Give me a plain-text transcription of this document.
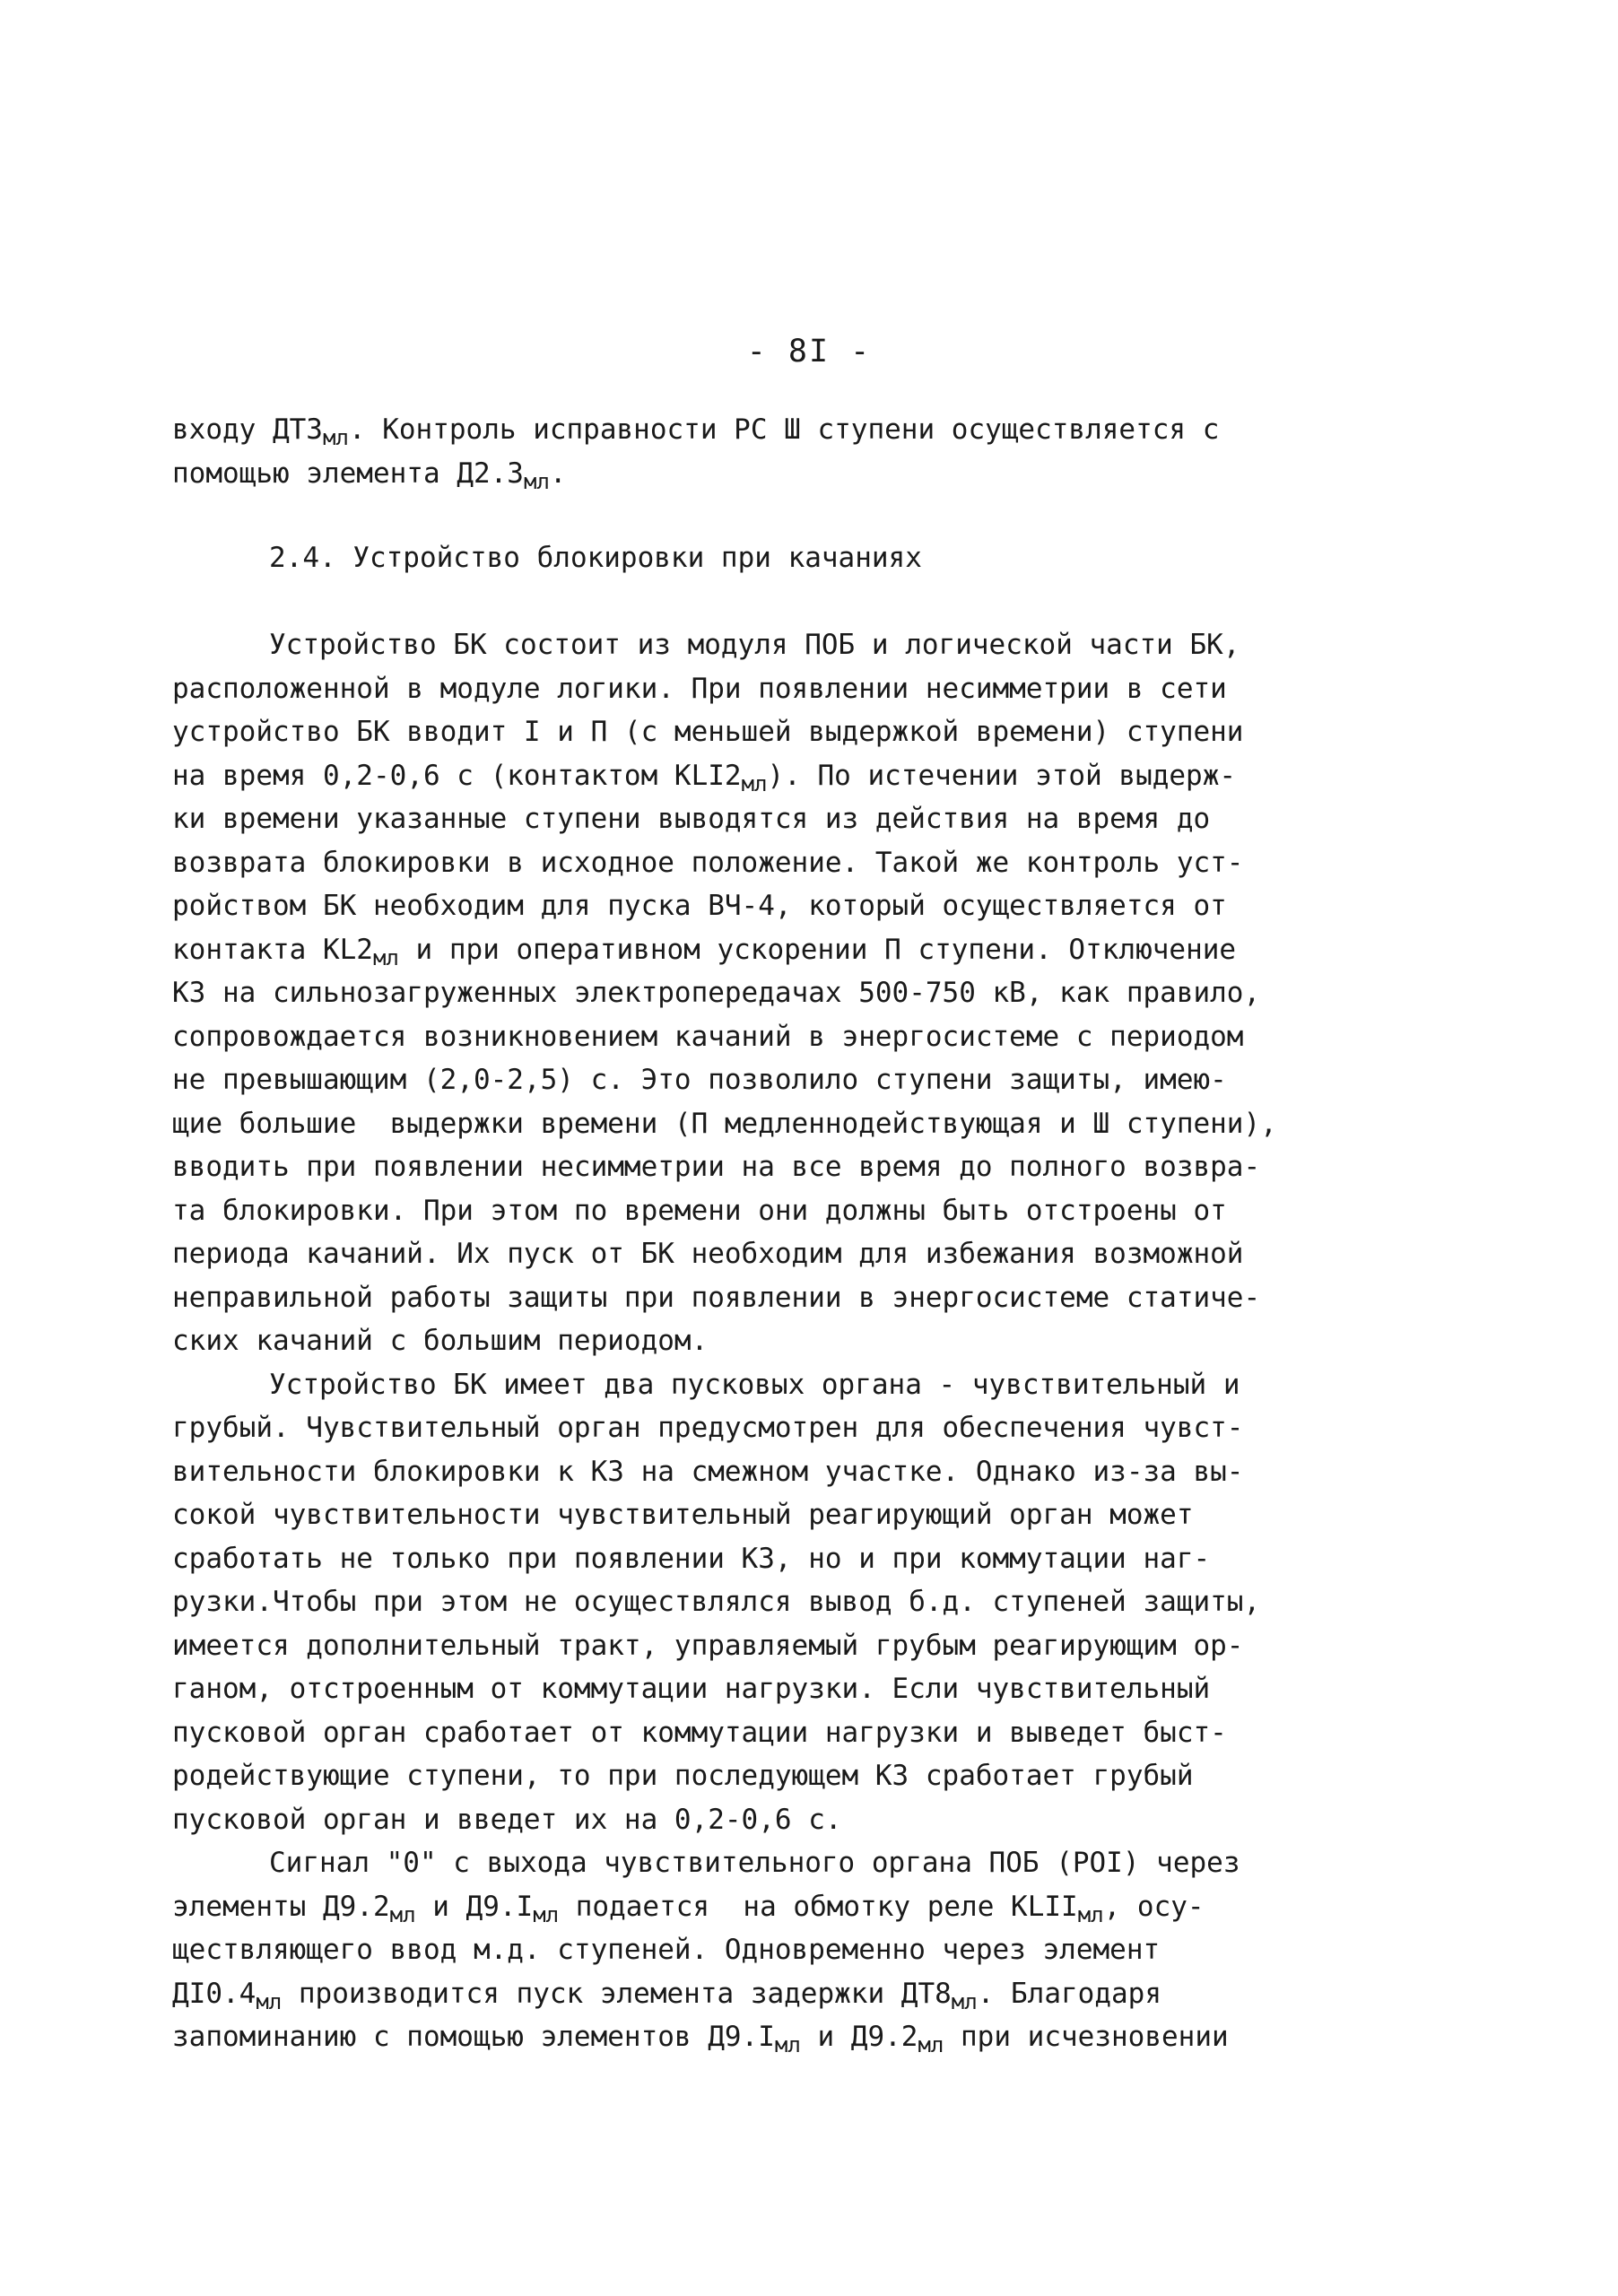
- 8I -
входу $ДТЗ_{мл}$. Контроль исправности РС Ш ступени осуществляется с
помощью элемента $Д2.З_{мл}$.
2.4. Устройство блокировки при качаниях
Устройство БК состоит из модуля ПОБ и логической части БК,
расположенной в модуле логики. При появлении несимметрии в сети
устройство БК вводит I и П (с меньшей выдержкой времени) ступени
на время 0,2-0,6 с (контактом $KLI2_{мл}$). По истечении этой выдерж-
ки времени указанные ступени выводятся из действия на время до
возврата блокировки в исходное положение. Такой же контроль уст-
ройством БК необходим для пуска ВЧ-4, который осуществляется от
контакта $KL2_{мл}$ и при оперативном ускорении П ступени. Отключение
КЗ на сильнозагруженных электропередачах 500-750 кВ, как правило,
сопровождается возникновением качаний в энергосистеме с периодом
не превышающим (2,0-2,5) с. Это позволило ступени защиты, имею-
щие большие  выдержки времени (П медленнодействующая и Ш ступени),
вводить при появлении несимметрии на все время до полного возвра-
та блокировки. При этом по времени они должны быть отстроены от
периода качаний. Их пуск от БК необходим для избежания возможной
неправильной работы защиты при появлении в энергосистеме статиче-
ских качаний с большим периодом.
Устройство БК имеет два пусковых органа - чувствительный и
грубый. Чувствительный орган предусмотрен для обеспечения чувст-
вительности блокировки к КЗ на смежном участке. Однако из-за вы-
сокой чувствительности чувствительный реагирующий орган может
сработать не только при появлении КЗ, но и при коммутации наг-
рузки.Чтобы при этом не осуществлялся вывод б.д. ступеней защиты,
имеется дополнительный тракт, управляемый грубым реагирующим ор-
ганом, отстроенным от коммутации нагрузки. Если чувствительный
пусковой орган сработает от коммутации нагрузки и выведет быст-
родействующие ступени, то при последующем КЗ сработает грубый
пусковой орган и введет их на 0,2-0,6 с.
Сигнал "0" с выхода чувствительного органа ПОБ (РОI) через
элементы $Д9.2_{мл}$ и $Д9.I_{мл}$ подается  на обмотку реле $KLII_{мл}$, осу-
ществляющего ввод м.д. ступеней. Одновременно через элемент
$ДI0.4_{мл}$ производится пуск элемента задержки $ДТ8_{мл}$. Благодаря
запоминанию с помощью элементов $Д9.I_{мл}$ и $Д9.2_{мл}$ при исчезновении
